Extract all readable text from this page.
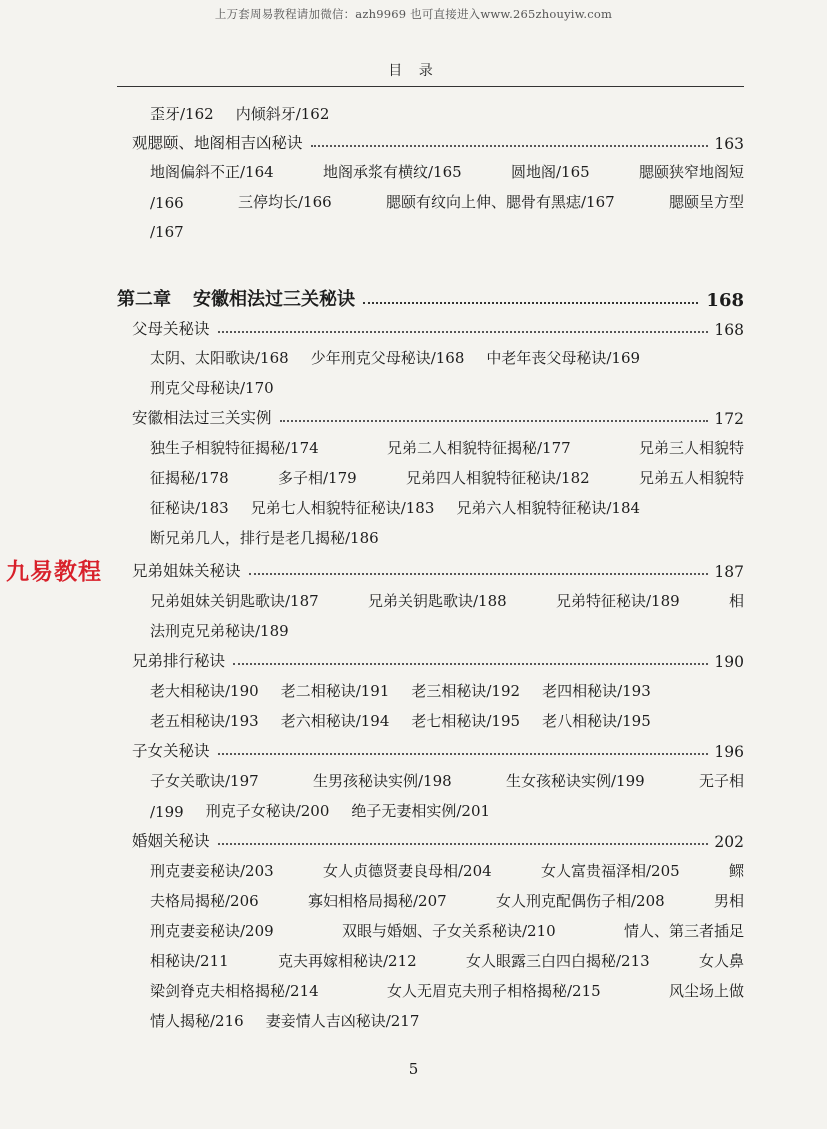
上万套周易教程请加微信：azh9969 也可直接进入www.265zhouyiw.com
目 录
歪牙/162 内倾斜牙/162
观腮颐、地阁相吉凶秘诀	163
地阁偏斜不正/164	地阁承浆有横纹/165	圆地阁/165	腮颐狭窄地阁短
/166	三停均长/166	腮颐有纹向上伸、腮骨有黑痣/167	腮颐呈方型
/167
第二章 安徽相法过三关秘诀	168
父母关秘诀	168
太阴、太阳歌诀/168 少年刑克父母秘诀/168 中老年丧父母秘诀/169
刑克父母秘诀/170
安徽相法过三关实例	172
独生子相貌特征揭秘/174	兄弟二人相貌特征揭秘/177	兄弟三人相貌特
征揭秘/178	多子相/179	兄弟四人相貌特征秘诀/182	兄弟五人相貌特
征秘诀/183 兄弟七人相貌特征秘诀/183 兄弟六人相貌特征秘诀/184
断兄弟几人，排行是老几揭秘/186
兄弟姐妹关秘诀	187
兄弟姐妹关钥匙歌诀/187	兄弟关钥匙歌诀/188	兄弟特征秘诀/189	相
法刑克兄弟秘诀/189
兄弟排行秘诀	190
老大相秘诀/190 老二相秘诀/191 老三相秘诀/192 老四相秘诀/193
老五相秘诀/193 老六相秘诀/194 老七相秘诀/195 老八相秘诀/195
子女关秘诀	196
子女关歌诀/197	生男孩秘诀实例/198	生女孩秘诀实例/199	无子相
/199 刑克子女秘诀/200 绝子无妻相实例/201
婚姻关秘诀	202
刑克妻妾秘诀/203	女人贞德贤妻良母相/204	女人富贵福泽相/205	鳏
夫格局揭秘/206	寡妇相格局揭秘/207	女人刑克配偶伤子相/208	男相
刑克妻妾秘诀/209	双眼与婚姻、子女关系秘诀/210	情人、第三者插足
相秘诀/211	克夫再嫁相秘诀/212	女人眼露三白四白揭秘/213	女人鼻
梁剑脊克夫相格揭秘/214	女人无眉克夫刑子相格揭秘/215	风尘场上做
情人揭秘/216 妻妾情人吉凶秘诀/217
九易教程
5
